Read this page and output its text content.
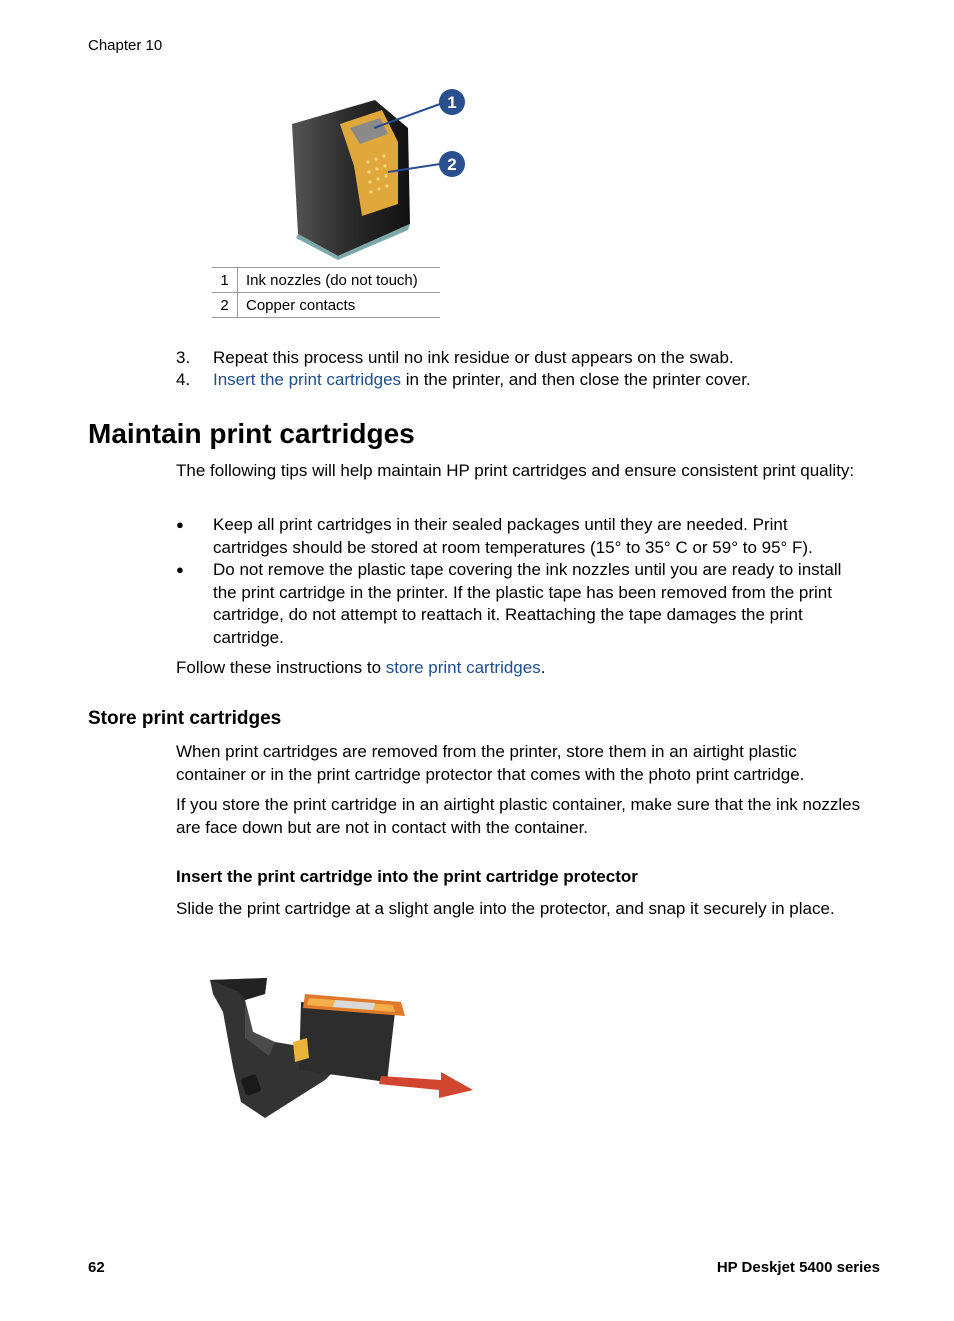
Chapter 10
1
2
1	Ink nozzles (do not touch)
2	Copper contacts
3. Repeat this process until no ink residue or dust appears on the swab.
4. Insert the print cartridges in the printer, and then close the printer cover.
Maintain print cartridges

The following tips will help maintain HP print cartridges and ensure consistent print quality:

● Keep all print cartridges in their sealed packages until they are needed. Print cartridges should be stored at room temperatures (15° to 35° C or 59° to 95° F).
● Do not remove the plastic tape covering the ink nozzles until you are ready to install the print cartridge in the printer. If the plastic tape has been removed from the print cartridge, do not attempt to reattach it. Reattaching the tape damages the print cartridge.

Follow these instructions to store print cartridges.

Store print cartridges

When print cartridges are removed from the printer, store them in an airtight plastic container or in the print cartridge protector that comes with the photo print cartridge.

If you store the print cartridge in an airtight plastic container, make sure that the ink nozzles are face down but are not in contact with the container.

Insert the print cartridge into the print cartridge protector

Slide the print cartridge at a slight angle into the protector, and snap it securely in place.

62	HP Deskjet 5400 series
